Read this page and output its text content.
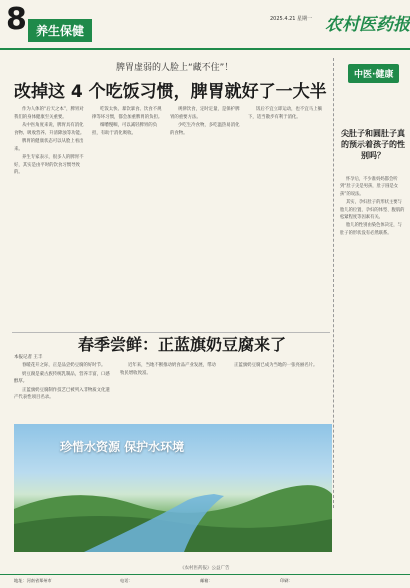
8 养生保健
2025.4.21 星期一 农村医药报
脾胃虚弱的人脸上“藏不住”！
改掉这 4 个吃饭习惯，脾胃就好了一大半

作为人体的“后天之本”，脾胃对我们的身体健康至关重要。

从中医角度来说，脾胃具有消化食物、吸收营养、升清降浊等功能。

脾胃的健康状态可以从脸上看出来。

养生专家表示，很多人的脾胃不好，其实是由平时的饮食习惯导致的。

吃饭太快、暴饮暴食、饮食不规律等坏习惯，都会加重脾胃的负担。

细嚼慢咽，可以减轻脾胃的负担，有助于消化吸收。

规律饮食，定时定量，是保护脾胃的重要方法。

少吃生冷食物，多吃温热易消化的食物。

饭后不宜立即运动，也不宜马上躺下，适当散步有利于消化。

中医·健康
尖肚子和圆肚子真的预示着孩子的性别吗？

怀孕后，不少准妈妈都会听到“肚子尖是男孩，肚子圆是女孩”的说法。

其实，孕妇肚子的形状主要与胎儿的位置、孕妇的体型、腹肌的松紧程度等因素有关。

胎儿的性别由染色体决定，与肚子的形状没有必然联系。

春季尝鲜：正蓝旗奶豆腐来了
本报记者 王丰

春暖花开之际，正是品尝奶豆腐的好时节。

奶豆腐是蒙古族传统乳制品，营养丰富，口感醇厚。

正蓝旗奶豆腐制作技艺已被列入非物质文化遗产代表性项目名录。

近年来，当地不断推动奶食品产业发展，带动牧民增收致富。

正蓝旗奶豆腐已成为当地的一张亮丽名片。

珍惜水资源 保护水环境
《农村医药报》公益广告
地址：河南省郑州市	电话：	邮箱：	印刷：
